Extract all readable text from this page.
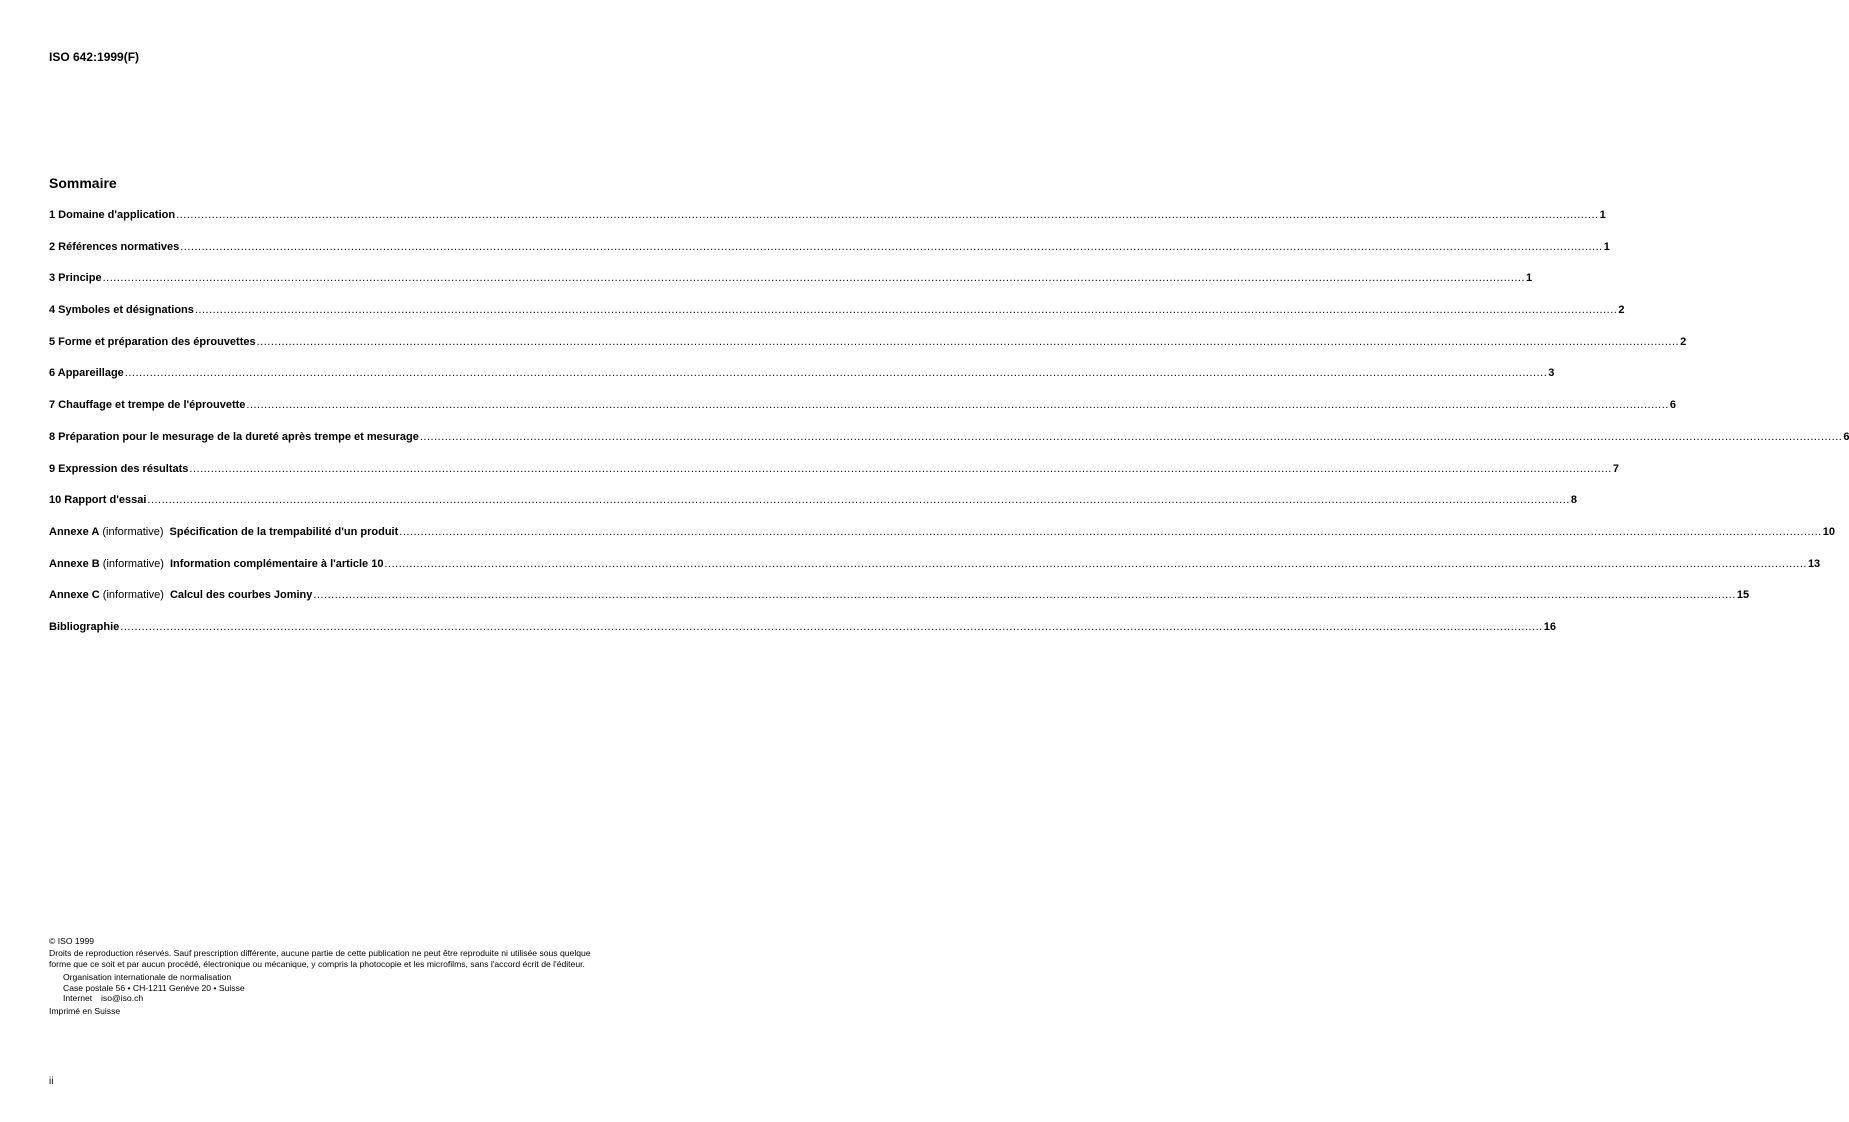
ISO 642:1999(F)
Sommaire
1 Domaine d'application ................................................................................................................................................................................................................................................................................................................................................................................................................ 1
2 Références normatives ................................................................................................................................................................................................................................................................................................................................................................................................................ 1
3 Principe ................................................................................................................................................................................................................................................................................................................................................................................................................ 1
4 Symboles et désignations ................................................................................................................................................................................................................................................................................................................................................................................................................ 2
5 Forme et préparation des éprouvettes ................................................................................................................................................................................................................................................................................................................................................................................................................ 2
6 Appareillage ................................................................................................................................................................................................................................................................................................................................................................................................................ 3
7 Chauffage et trempe de l'éprouvette ................................................................................................................................................................................................................................................................................................................................................................................................................ 6
8 Préparation pour le mesurage de la dureté après trempe et mesurage ................................................................................................................................................................................................................................................................................................................................................................................................................ 6
9 Expression des résultats ................................................................................................................................................................................................................................................................................................................................................................................................................ 7
10 Rapport d'essai ................................................................................................................................................................................................................................................................................................................................................................................................................ 8
Annexe A (informative) Spécification de la trempabilité d'un produit ................................................................................................................................................................................................................................................................................................................................................................................................................ 10
Annexe B (informative) Information complémentaire à l'article 10 ................................................................................................................................................................................................................................................................................................................................................................................................................ 13
Annexe C (informative) Calcul des courbes Jominy ................................................................................................................................................................................................................................................................................................................................................................................................................ 15
Bibliographie ................................................................................................................................................................................................................................................................................................................................................................................................................ 16
© ISO 1999
Droits de reproduction réservés. Sauf prescription différente, aucune partie de cette publication ne peut être reproduite ni utilisée sous quelque
forme que ce soit et par aucun procédé, électronique ou mécanique, y compris la photocopie et les microfilms, sans l'accord écrit de l'éditeur.
Organisation internationale de normalisation
Case postale 56 • CH-1211 Genève 20 • Suisse
Internet iso@iso.ch
Imprimé en Suisse
ii
